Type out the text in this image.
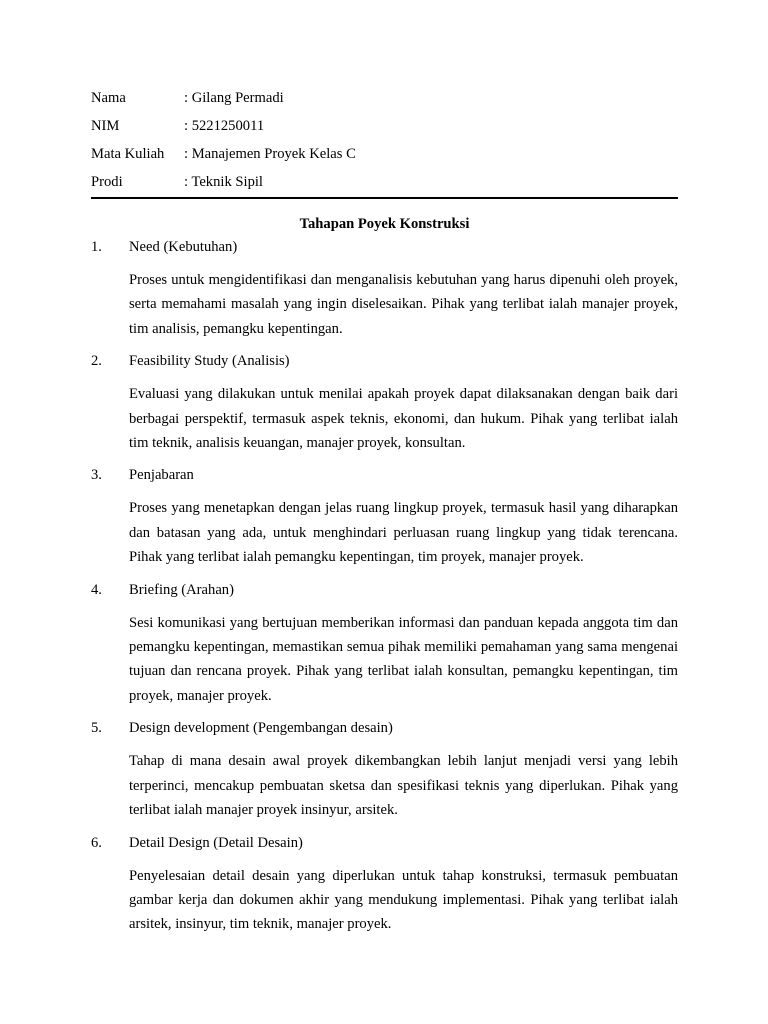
Nama	: Gilang Permadi
NIM	: 5221250011
Mata Kuliah	: Manajemen Proyek Kelas C
Prodi	: Teknik Sipil
Tahapan Poyek Konstruksi
1.	Need (Kebutuhan)

Proses untuk mengidentifikasi dan menganalisis kebutuhan yang harus dipenuhi oleh proyek, serta memahami masalah yang ingin diselesaikan. Pihak yang terlibat ialah manajer proyek, tim analisis, pemangku kepentingan.

2.	Feasibility Study (Analisis)

Evaluasi yang dilakukan untuk menilai apakah proyek dapat dilaksanakan dengan baik dari berbagai perspektif, termasuk aspek teknis, ekonomi, dan hukum. Pihak yang terlibat ialah tim teknik, analisis keuangan, manajer proyek, konsultan.

3.	Penjabaran

Proses yang menetapkan dengan jelas ruang lingkup proyek, termasuk hasil yang diharapkan dan batasan yang ada, untuk menghindari perluasan ruang lingkup yang tidak terencana. Pihak yang terlibat ialah pemangku kepentingan, tim proyek, manajer proyek.

4.	Briefing (Arahan)

Sesi komunikasi yang bertujuan memberikan informasi dan panduan kepada anggota tim dan pemangku kepentingan, memastikan semua pihak memiliki pemahaman yang sama mengenai tujuan dan rencana proyek. Pihak yang terlibat ialah konsultan, pemangku kepentingan, tim proyek, manajer proyek.

5.	Design development (Pengembangan desain)

Tahap di mana desain awal proyek dikembangkan lebih lanjut menjadi versi yang lebih terperinci, mencakup pembuatan sketsa dan spesifikasi teknis yang diperlukan. Pihak yang terlibat ialah manajer proyek insinyur, arsitek.

6.	Detail Design (Detail Desain)

Penyelesaian detail desain yang diperlukan untuk tahap konstruksi, termasuk pembuatan gambar kerja dan dokumen akhir yang mendukung implementasi. Pihak yang terlibat ialah arsitek, insinyur, tim teknik, manajer proyek.
